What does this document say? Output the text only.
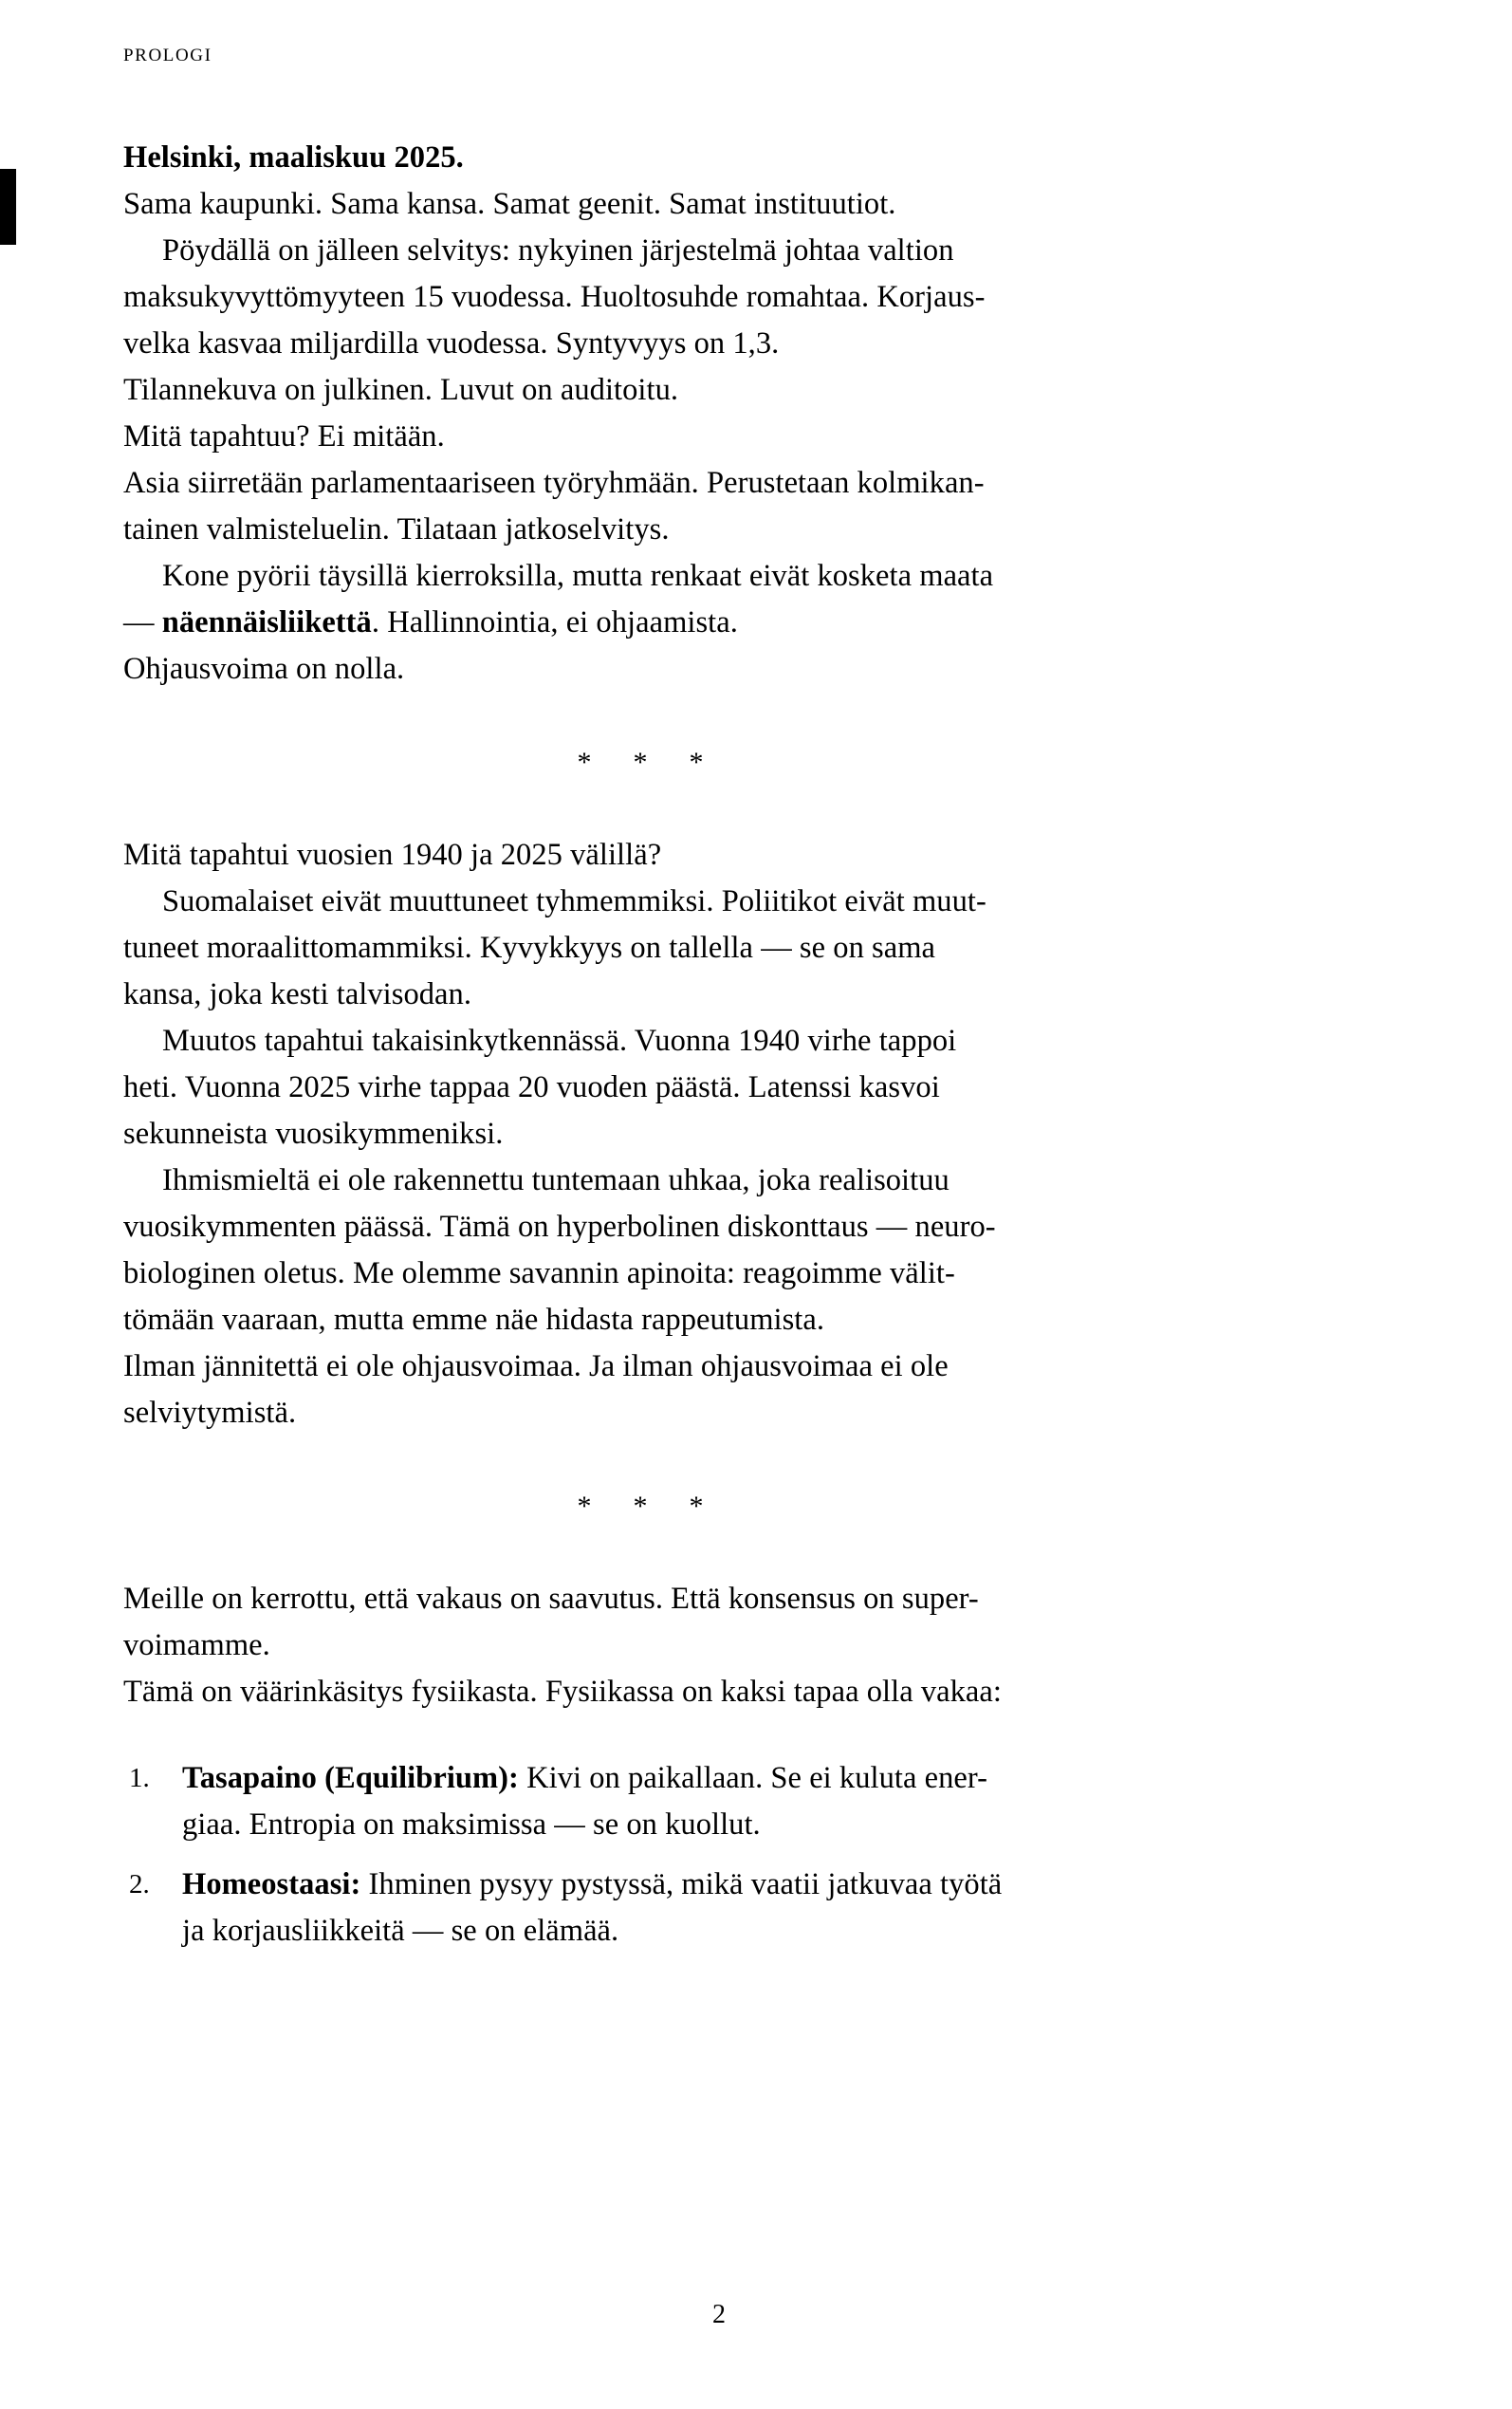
prologi
Helsinki, maaliskuu 2025.
Sama kaupunki. Sama kansa. Samat geenit. Samat instituutiot.
Pöydällä on jälleen selvitys: nykyinen järjestelmä johtaa valtion
maksukyvyttömyyteen 15 vuodessa. Huoltosuhde romahtaa. Korjaus-
velka kasvaa miljardilla vuodessa. Syntyvyys on 1,3.
Tilannekuva on julkinen. Luvut on auditoitu.
Mitä tapahtuu? Ei mitään.
Asia siirretään parlamentaariseen työryhmään. Perustetaan kolmikan-
tainen valmisteluelin. Tilataan jatkoselvitys.
Kone pyörii täysillä kierroksilla, mutta renkaat eivät kosketa maata
— näennäisliikettä. Hallinnointia, ei ohjaamista.
Ohjausvoima on nolla.
* * *
Mitä tapahtui vuosien 1940 ja 2025 välillä?
Suomalaiset eivät muuttuneet tyhmemmiksi. Poliitikot eivät muut-
tuneet moraalittomammiksi. Kyvykkyys on tallella — se on sama
kansa, joka kesti talvisodan.
Muutos tapahtui takaisinkytkennässä. Vuonna 1940 virhe tappoi
heti. Vuonna 2025 virhe tappaa 20 vuoden päästä. Latenssi kasvoi
sekunneista vuosikymmeniksi.
Ihmismieltä ei ole rakennettu tuntemaan uhkaa, joka realisoituu
vuosikymmenten päässä. Tämä on hyperbolinen diskonttaus — neuro-
biologinen oletus. Me olemme savannin apinoita: reagoimme välit-
tömään vaaraan, mutta emme näe hidasta rappeutumista.
Ilman jännitettä ei ole ohjausvoimaa. Ja ilman ohjausvoimaa ei ole
selviytymistä.
* * *
Meille on kerrottu, että vakaus on saavutus. Että konsensus on super-
voimamme.
Tämä on väärinkäsitys fysiikasta. Fysiikassa on kaksi tapaa olla vakaa:
1. Tasapaino (Equilibrium): Kivi on paikallaan. Se ei kuluta ener-
giaa. Entropia on maksimissa — se on kuollut.
2. Homeostaasi: Ihminen pysyy pystyssä, mikä vaatii jatkuvaa työtä
ja korjausliikkeitä — se on elämää.
2
